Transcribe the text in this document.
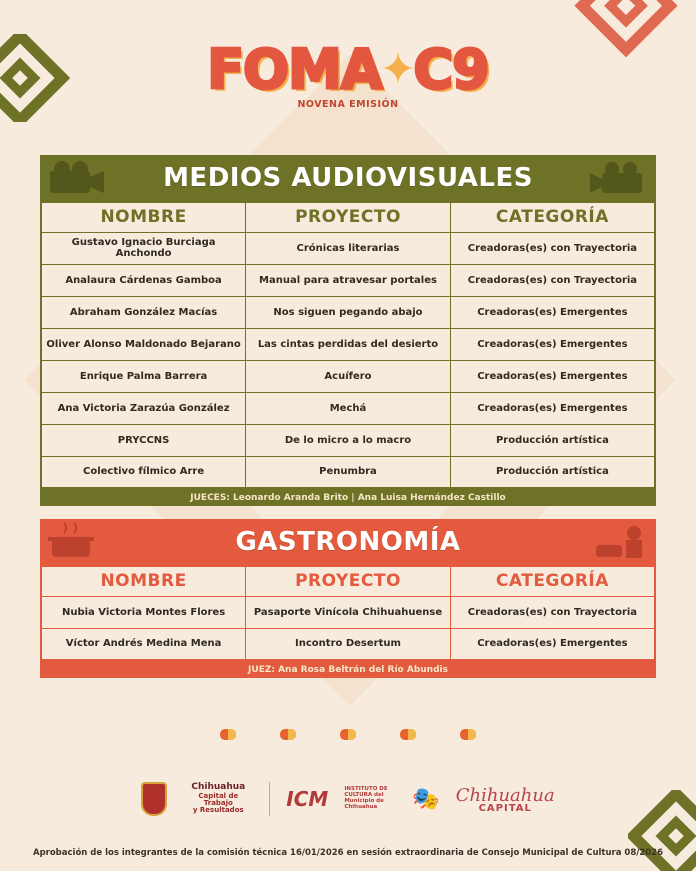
FOMA
✦
C9
NOVENA EMISIÓN
MEDIOS AUDIOVISUALES
NOMBRE	PROYECTO	CATEGORÍA
Gustavo Ignacio Burciaga Anchondo	Crónicas literarias	Creadoras(es) con Trayectoria
Analaura Cárdenas Gamboa	Manual para atravesar portales	Creadoras(es) con Trayectoria
Abraham González Macías	Nos siguen pegando abajo	Creadoras(es) Emergentes
Oliver Alonso Maldonado Bejarano	Las cintas perdidas del desierto	Creadoras(es) Emergentes
Enrique Palma Barrera	Acuífero	Creadoras(es) Emergentes
Ana Victoria Zarazúa González	Mechá	Creadoras(es) Emergentes
PRYCCNS	De lo micro a lo macro	Producción artística
Colectivo fílmico Arre	Penumbra	Producción artística
JUECES: Leonardo Aranda Brito | Ana Luisa Hernández Castillo
GASTRONOMÍA
NOMBRE	PROYECTO	CATEGORÍA
Nubia Victoria Montes Flores	Pasaporte Vinícola Chihuahuense	Creadoras(es) con Trayectoria
Víctor Andrés Medina Mena	Incontro Desertum	Creadoras(es) Emergentes
JUEZ: Ana Rosa Beltrán del Río Abundis
Chihuahua
Capital de Trabajo
y Resultados	ICM	INSTITUTO DE CULTURA del Municipio de Chihuahua	🎭 Chihuahua
CAPITAL
Aprobación de los integrantes de la comisión técnica 16/01/2026 en sesión extraordinaria de Consejo Municipal de Cultura 08/2026
